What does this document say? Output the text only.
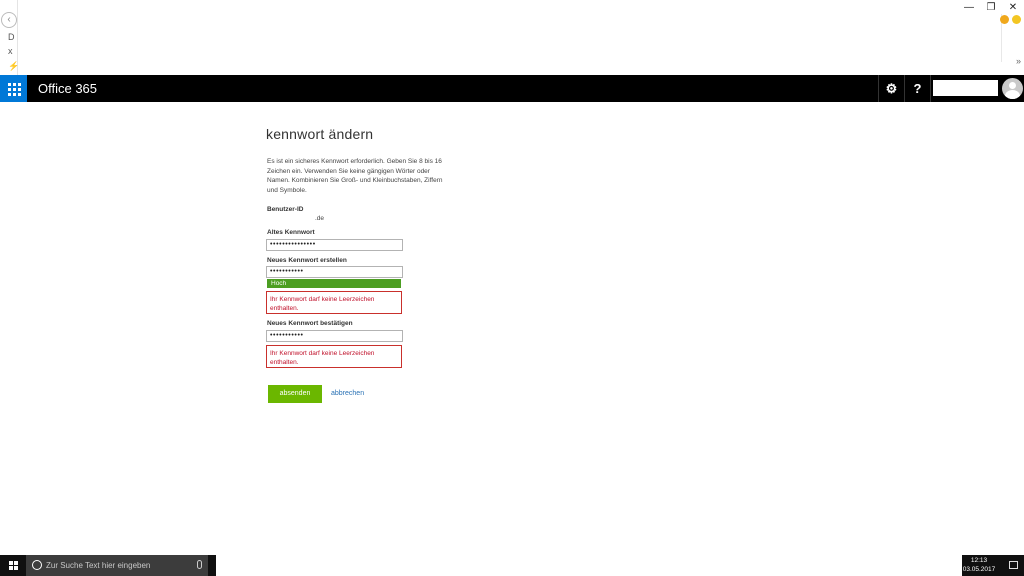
‹
D
x
⚡
—	❐	✕
»
Office 365	⚙	?
kennwort ändern

Es ist ein sicheres Kennwort erforderlich. Geben Sie 8 bis 16 Zeichen ein. Verwenden Sie keine gängigen Wörter oder Namen. Kombinieren Sie Groß- und Kleinbuchstaben, Ziffern und Symbole.

Benutzer-ID
.de
Altes Kennwort
•••••••••••••••
Neues Kennwort erstellen
•••••••••••
Hoch
Ihr Kennwort darf keine Leerzeichen enthalten.
Neues Kennwort bestätigen
•••••••••••
Ihr Kennwort darf keine Leerzeichen enthalten.
absenden	abbrechen
Zur Suche Text hier eingeben
12:13
03.05.2017
